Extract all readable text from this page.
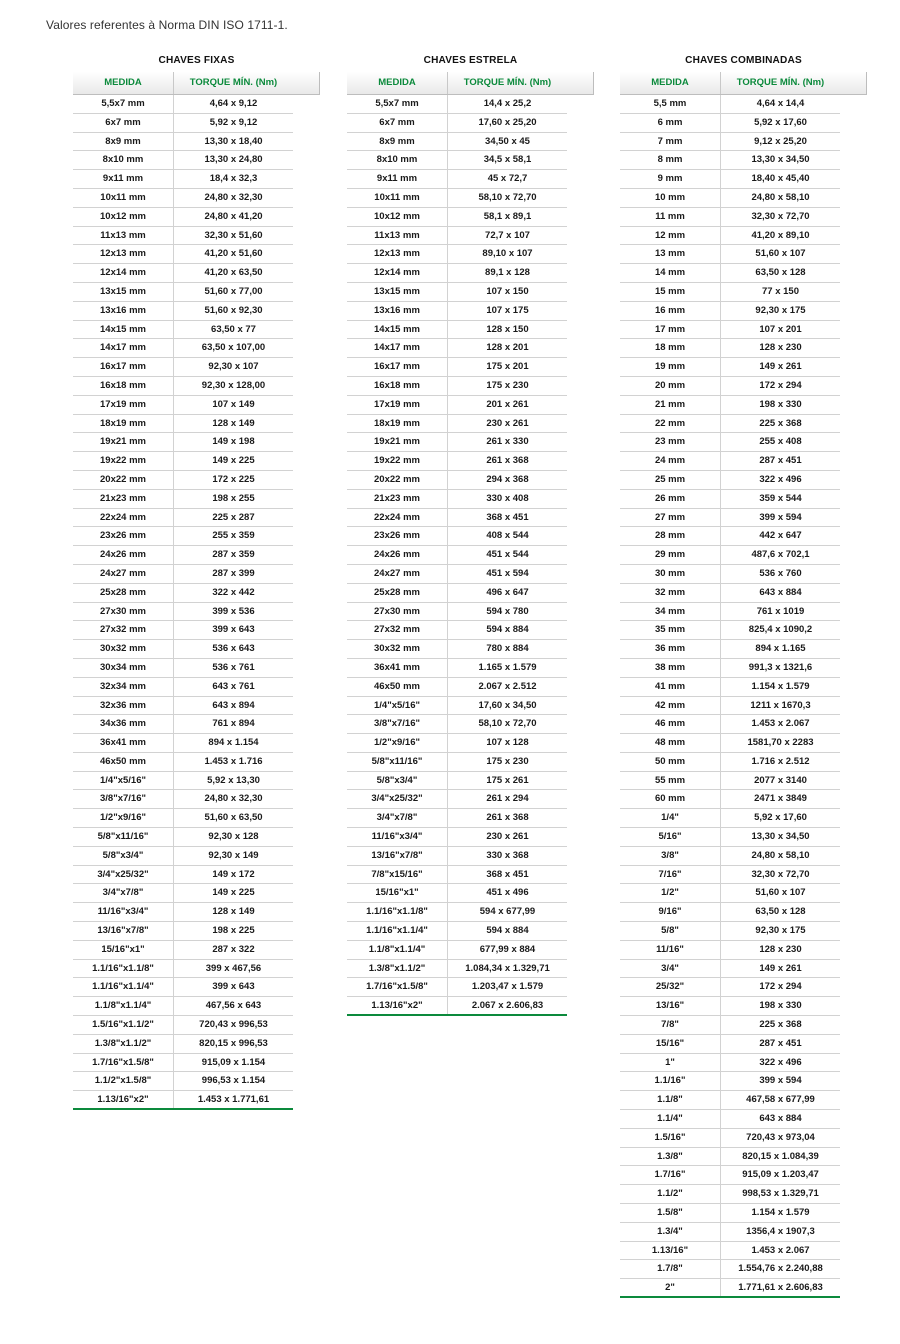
Valores referentes à Norma DIN ISO 1711-1.
CHAVES FIXAS
MEDIDA	TORQUE MÍN. (Nm)
5,5x7 mm	4,64 x 9,12
6x7 mm	5,92 x 9,12
8x9 mm	13,30 x 18,40
8x10 mm	13,30 x 24,80
9x11 mm	18,4 x 32,3
10x11 mm	24,80 x 32,30
10x12 mm	24,80 x 41,20
11x13 mm	32,30 x 51,60
12x13 mm	41,20 x 51,60
12x14 mm	41,20 x 63,50
13x15 mm	51,60 x 77,00
13x16 mm	51,60 x 92,30
14x15 mm	63,50 x 77
14x17 mm	63,50 x 107,00
16x17 mm	92,30 x 107
16x18 mm	92,30 x 128,00
17x19 mm	107 x 149
18x19 mm	128 x 149
19x21 mm	149 x 198
19x22 mm	149 x 225
20x22 mm	172 x 225
21x23 mm	198 x 255
22x24 mm	225 x 287
23x26 mm	255 x 359
24x26 mm	287 x 359
24x27 mm	287 x 399
25x28 mm	322 x 442
27x30 mm	399 x 536
27x32 mm	399 x 643
30x32 mm	536 x 643
30x34 mm	536 x 761
32x34 mm	643 x 761
32x36 mm	643 x 894
34x36 mm	761 x 894
36x41 mm	894 x 1.154
46x50 mm	1.453 x 1.716
1/4"x5/16"	5,92 x 13,30
3/8"x7/16"	24,80 x 32,30
1/2"x9/16"	51,60 x 63,50
5/8"x11/16"	92,30 x 128
5/8"x3/4"	92,30 x 149
3/4"x25/32"	149 x 172
3/4"x7/8"	149 x 225
11/16"x3/4"	128 x 149
13/16"x7/8"	198 x 225
15/16"x1"	287 x 322
1.1/16"x1.1/8"	399 x 467,56
1.1/16"x1.1/4"	399 x 643
1.1/8"x1.1/4"	467,56 x 643
1.5/16"x1.1/2"	720,43 x 996,53
1.3/8"x1.1/2"	820,15 x 996,53
1.7/16"x1.5/8"	915,09 x 1.154
1.1/2"x1.5/8"	996,53 x 1.154
1.13/16"x2"	1.453 x 1.771,61
CHAVES ESTRELA
MEDIDA	TORQUE MÍN. (Nm)
5,5x7 mm	14,4 x 25,2
6x7 mm	17,60 x 25,20
8x9 mm	34,50 x 45
8x10 mm	34,5 x 58,1
9x11 mm	45 x 72,7
10x11 mm	58,10 x 72,70
10x12 mm	58,1 x 89,1
11x13 mm	72,7 x 107
12x13 mm	89,10 x 107
12x14 mm	89,1 x 128
13x15 mm	107 x 150
13x16 mm	107 x 175
14x15 mm	128 x 150
14x17 mm	128 x 201
16x17 mm	175 x 201
16x18 mm	175 x 230
17x19 mm	201 x 261
18x19 mm	230 x 261
19x21 mm	261 x 330
19x22 mm	261 x 368
20x22 mm	294 x 368
21x23 mm	330 x 408
22x24 mm	368 x 451
23x26 mm	408 x 544
24x26 mm	451 x 544
24x27 mm	451 x 594
25x28 mm	496 x 647
27x30 mm	594 x 780
27x32 mm	594 x 884
30x32 mm	780 x 884
36x41 mm	1.165 x 1.579
46x50 mm	2.067 x 2.512
1/4"x5/16"	17,60 x 34,50
3/8"x7/16"	58,10 x 72,70
1/2"x9/16"	107 x 128
5/8"x11/16"	175 x 230
5/8"x3/4"	175 x 261
3/4"x25/32"	261 x 294
3/4"x7/8"	261 x 368
11/16"x3/4"	230 x 261
13/16"x7/8"	330 x 368
7/8"x15/16"	368 x 451
15/16"x1"	451 x 496
1.1/16"x1.1/8"	594 x 677,99
1.1/16"x1.1/4"	594 x 884
1.1/8"x1.1/4"	677,99 x 884
1.3/8"x1.1/2"	1.084,34 x 1.329,71
1.7/16"x1.5/8"	1.203,47 x 1.579
1.13/16"x2"	2.067 x 2.606,83
CHAVES COMBINADAS
MEDIDA	TORQUE MÍN. (Nm)
5,5 mm	4,64 x 14,4
6 mm	5,92 x 17,60
7 mm	9,12 x 25,20
8 mm	13,30 x 34,50
9 mm	18,40 x 45,40
10 mm	24,80 x 58,10
11 mm	32,30 x 72,70
12 mm	41,20 x 89,10
13 mm	51,60 x 107
14 mm	63,50 x 128
15 mm	77 x 150
16 mm	92,30 x 175
17 mm	107 x 201
18 mm	128 x 230
19 mm	149 x 261
20 mm	172 x 294
21 mm	198 x 330
22 mm	225 x 368
23 mm	255 x 408
24 mm	287 x 451
25 mm	322 x 496
26 mm	359 x 544
27 mm	399 x 594
28 mm	442 x 647
29 mm	487,6 x 702,1
30 mm	536 x 760
32 mm	643 x 884
34 mm	761 x 1019
35 mm	825,4 x 1090,2
36 mm	894 x 1.165
38 mm	991,3 x 1321,6
41 mm	1.154 x 1.579
42 mm	1211 x 1670,3
46 mm	1.453 x 2.067
48 mm	1581,70 x 2283
50 mm	1.716 x 2.512
55 mm	2077 x 3140
60 mm	2471 x 3849
1/4"	5,92 x 17,60
5/16"	13,30 x 34,50
3/8"	24,80 x 58,10
7/16"	32,30 x 72,70
1/2"	51,60 x 107
9/16"	63,50 x 128
5/8"	92,30 x 175
11/16"	128 x 230
3/4"	149 x 261
25/32"	172 x 294
13/16"	198 x 330
7/8"	225 x 368
15/16"	287 x 451
1"	322 x 496
1.1/16"	399 x 594
1.1/8"	467,58 x 677,99
1.1/4"	643 x 884
1.5/16"	720,43 x 973,04
1.3/8"	820,15 x 1.084,39
1.7/16"	915,09 x 1.203,47
1.1/2"	998,53 x 1.329,71
1.5/8"	1.154 x 1.579
1.3/4"	1356,4 x 1907,3
1.13/16"	1.453 x 2.067
1.7/8"	1.554,76 x 2.240,88
2"	1.771,61 x 2.606,83
